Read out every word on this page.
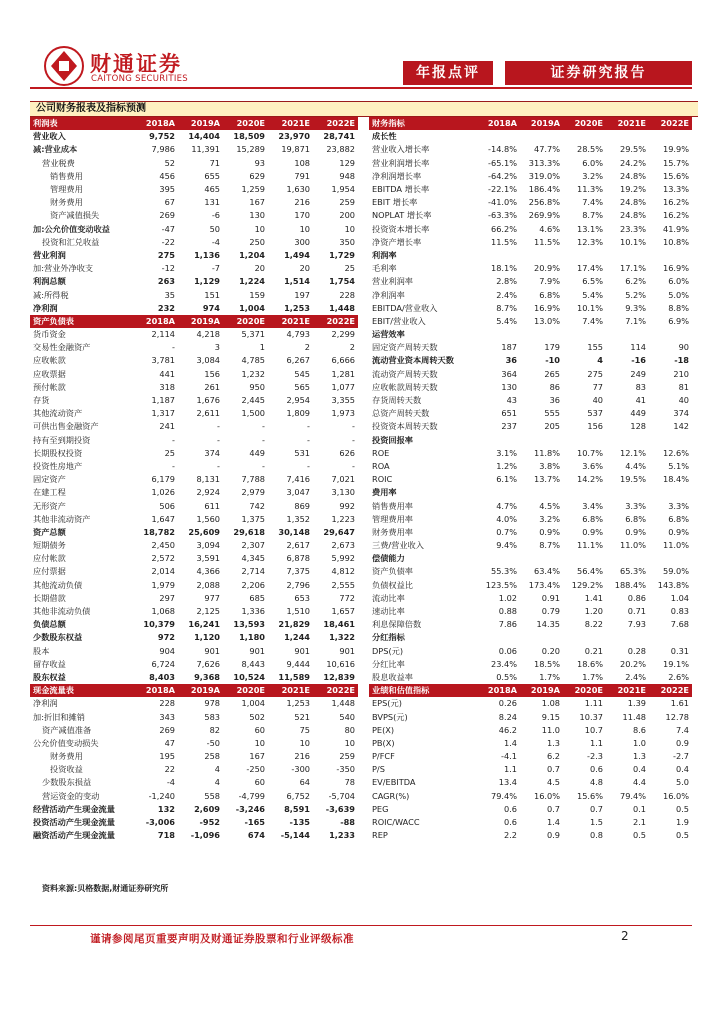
财通证券
CAITONG SECURITIES	年报点评	证券研究报告
公司财务报表及指标预测
利润表	2018A	2019A	2020E	2021E	2022E
营业收入	9,752	14,404	18,509	23,970	28,741
减:营业成本	7,986	11,391	15,289	19,871	23,882
营业税费	52	71	93	108	129
销售费用	456	655	629	791	948
管理费用	395	465	1,259	1,630	1,954
财务费用	67	131	167	216	259
资产减值损失	269	-6	130	170	200
加:公允价值变动收益	-47	50	10	10	10
投资和汇兑收益	-22	-4	250	300	350
营业利润	275	1,136	1,204	1,494	1,729
加:营业外净收支	-12	-7	20	20	25
利润总额	263	1,129	1,224	1,514	1,754
减:所得税	35	151	159	197	228
净利润	232	974	1,004	1,253	1,448
资产负债表	2018A	2019A	2020E	2021E	2022E
货币资金	2,114	4,218	5,371	4,793	2,299
交易性金融资产	-	3	1	2	2
应收帐款	3,781	3,084	4,785	6,267	6,666
应收票据	441	156	1,232	545	1,281
预付帐款	318	261	950	565	1,077
存货	1,187	1,676	2,445	2,954	3,355
其他流动资产	1,317	2,611	1,500	1,809	1,973
可供出售金融资产	241	-	-	-	-
持有至到期投资	-	-	-	-	-
长期股权投资	25	374	449	531	626
投资性房地产	-	-	-	-	-
固定资产	6,179	8,131	7,788	7,416	7,021
在建工程	1,026	2,924	2,979	3,047	3,130
无形资产	506	611	742	869	992
其他非流动资产	1,647	1,560	1,375	1,352	1,223
资产总额	18,782	25,609	29,618	30,148	29,647
短期债务	2,450	3,094	2,307	2,617	2,673
应付帐款	2,572	3,591	4,345	6,878	5,992
应付票据	2,014	4,366	2,714	7,375	4,812
其他流动负债	1,979	2,088	2,206	2,796	2,555
长期借款	297	977	685	653	772
其他非流动负债	1,068	2,125	1,336	1,510	1,657
负债总额	10,379	16,241	13,593	21,829	18,461
少数股东权益	972	1,120	1,180	1,244	1,322
股本	904	901	901	901	901
留存收益	6,724	7,626	8,443	9,444	10,616
股东权益	8,403	9,368	10,524	11,589	12,839
现金流量表	2018A	2019A	2020E	2021E	2022E
净利润	228	978	1,004	1,253	1,448
加:折旧和摊销	343	583	502	521	540
资产减值准备	269	82	60	75	80
公允价值变动损失	47	-50	10	10	10
财务费用	195	258	167	216	259
投资收益	22	4	-250	-300	-350
少数股东损益	-4	4	60	64	78
营运资金的变动	-1,240	558	-4,799	6,752	-5,704
经营活动产生现金流量	132	2,609	-3,246	8,591	-3,639
投资活动产生现金流量	-3,006	-952	-165	-135	-88
融资活动产生现金流量	718	-1,096	674	-5,144	1,233
财务指标	2018A	2019A	2020E	2021E	2022E
成长性					
营业收入增长率	-14.8%	47.7%	28.5%	29.5%	19.9%
营业利润增长率	-65.1%	313.3%	6.0%	24.2%	15.7%
净利润增长率	-64.2%	319.0%	3.2%	24.8%	15.6%
EBITDA 增长率	-22.1%	186.4%	11.3%	19.2%	13.3%
EBIT 增长率	-41.0%	256.8%	7.4%	24.8%	16.2%
NOPLAT 增长率	-63.3%	269.9%	8.7%	24.8%	16.2%
投资资本增长率	66.2%	4.6%	13.1%	23.3%	41.9%
净资产增长率	11.5%	11.5%	12.3%	10.1%	10.8%
利润率					
毛利率	18.1%	20.9%	17.4%	17.1%	16.9%
营业利润率	2.8%	7.9%	6.5%	6.2%	6.0%
净利润率	2.4%	6.8%	5.4%	5.2%	5.0%
EBITDA/营业收入	8.7%	16.9%	10.1%	9.3%	8.8%
EBIT/营业收入	5.4%	13.0%	7.4%	7.1%	6.9%
运营效率					
固定资产周转天数	187	179	155	114	90
流动营业资本周转天数	36	-10	4	-16	-18
流动资产周转天数	364	265	275	249	210
应收帐款周转天数	130	86	77	83	81
存货周转天数	43	36	40	41	40
总资产周转天数	651	555	537	449	374
投资资本周转天数	237	205	156	128	142
投资回报率					
ROE	3.1%	11.8%	10.7%	12.1%	12.6%
ROA	1.2%	3.8%	3.6%	4.4%	5.1%
ROIC	6.1%	13.7%	14.2%	19.5%	18.4%
费用率					
销售费用率	4.7%	4.5%	3.4%	3.3%	3.3%
管理费用率	4.0%	3.2%	6.8%	6.8%	6.8%
财务费用率	0.7%	0.9%	0.9%	0.9%	0.9%
三费/营业收入	9.4%	8.7%	11.1%	11.0%	11.0%
偿债能力					
资产负债率	55.3%	63.4%	56.4%	65.3%	59.0%
负债权益比	123.5%	173.4%	129.2%	188.4%	143.8%
流动比率	1.02	0.91	1.41	0.86	1.04
速动比率	0.88	0.79	1.20	0.71	0.83
利息保障倍数	7.86	14.35	8.22	7.93	7.68
分红指标					
DPS(元)	0.06	0.20	0.21	0.28	0.31
分红比率	23.4%	18.5%	18.6%	20.2%	19.1%
股息收益率	0.5%	1.7%	1.7%	2.4%	2.6%
业绩和估值指标	2018A	2019A	2020E	2021E	2022E
EPS(元)	0.26	1.08	1.11	1.39	1.61
BVPS(元)	8.24	9.15	10.37	11.48	12.78
PE(X)	46.2	11.0	10.7	8.6	7.4
PB(X)	1.4	1.3	1.1	1.0	0.9
P/FCF	-4.1	6.2	-2.3	1.3	-2.7
P/S	1.1	0.7	0.6	0.4	0.4
EV/EBITDA	13.4	4.5	4.8	4.4	5.0
CAGR(%)	79.4%	16.0%	15.6%	79.4%	16.0%
PEG	0.6	0.7	0.7	0.1	0.5
ROIC/WACC	0.6	1.4	1.5	2.1	1.9
REP	2.2	0.9	0.8	0.5	0.5
资料来源:贝格数据,财通证券研究所
谨请参阅尾页重要声明及财通证券股票和行业评级标准	2
